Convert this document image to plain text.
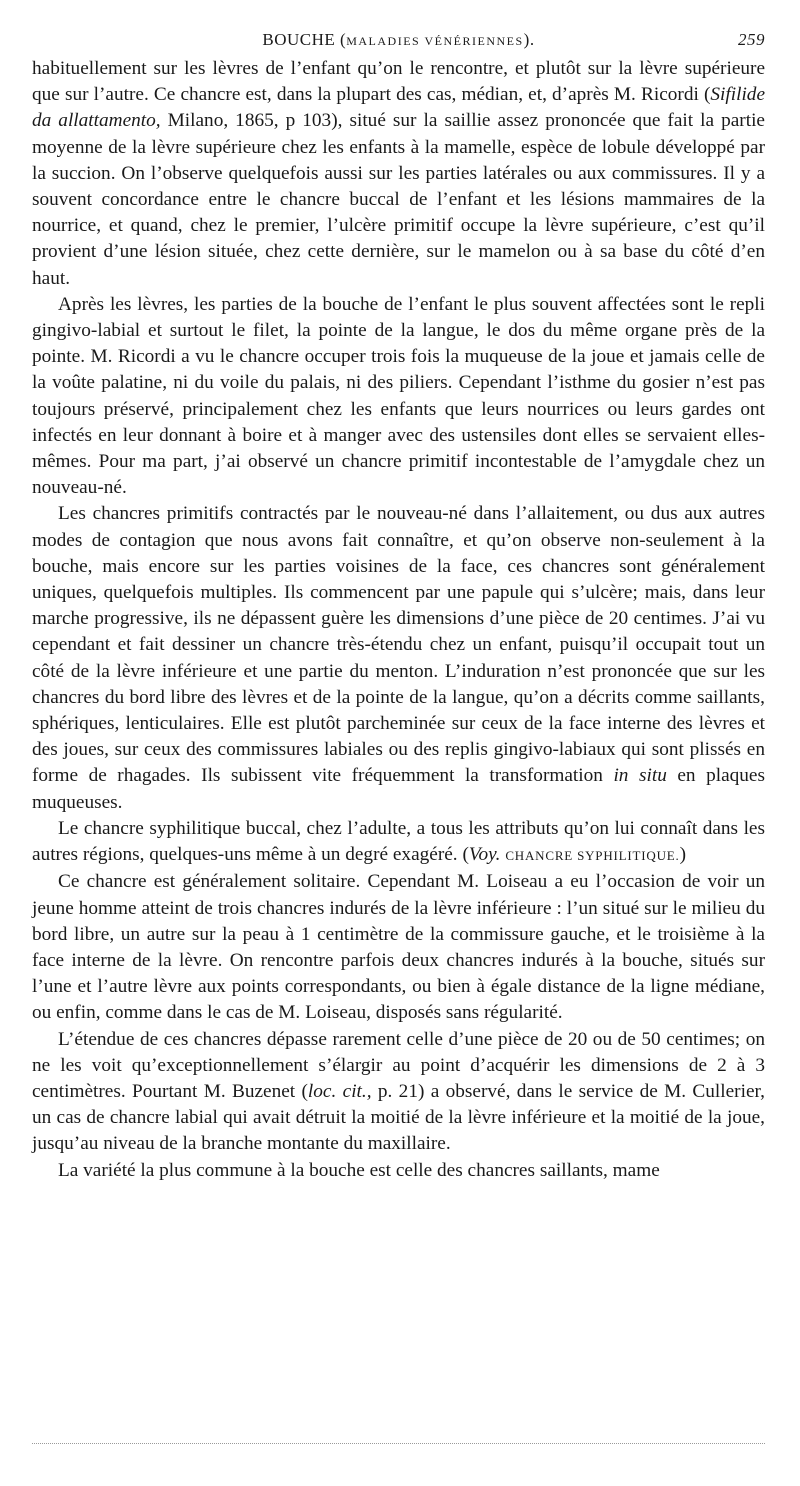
BOUCHE (MALADIES VÉNÉRIENNES).	259

habituellement sur les lèvres de l’enfant qu’on le rencontre, et plutôt sur la lèvre supérieure que sur l’autre. Ce chancre est, dans la plupart des cas, médian, et, d’après M. Ricordi (Sifilide da allattamento, Milano, 1865, p 103), situé sur la saillie assez prononcée que fait la partie moyenne de la lèvre supérieure chez les enfants à la mamelle, espèce de lobule développé par la succion. On l’observe quelquefois aussi sur les parties latérales ou aux commissures. Il y a souvent concordance entre le chancre buccal de l’enfant et les lésions mammaires de la nourrice, et quand, chez le premier, l’ulcère primitif occupe la lèvre supérieure, c’est qu’il provient d’une lésion située, chez cette dernière, sur le mamelon ou à sa base du côté d’en haut.

Après les lèvres, les parties de la bouche de l’enfant le plus souvent affectées sont le repli gingivo-labial et surtout le filet, la pointe de la langue, le dos du même organe près de la pointe. M. Ricordi a vu le chancre occuper trois fois la muqueuse de la joue et jamais celle de la voûte palatine, ni du voile du palais, ni des piliers. Cependant l’isthme du gosier n’est pas toujours préservé, principalement chez les enfants que leurs nourrices ou leurs gardes ont infectés en leur donnant à boire et à manger avec des ustensiles dont elles se servaient elles-mêmes. Pour ma part, j’ai observé un chancre primitif incontestable de l’amygdale chez un nouveau-né.

Les chancres primitifs contractés par le nouveau-né dans l’allaitement, ou dus aux autres modes de contagion que nous avons fait connaître, et qu’on observe non-seulement à la bouche, mais encore sur les parties voisines de la face, ces chancres sont généralement uniques, quelquefois multiples. Ils commencent par une papule qui s’ulcère; mais, dans leur marche progressive, ils ne dépassent guère les dimensions d’une pièce de 20 centimes. J’ai vu cependant et fait dessiner un chancre très-étendu chez un enfant, puisqu’il occupait tout un côté de la lèvre inférieure et une partie du menton. L’induration n’est prononcée que sur les chancres du bord libre des lèvres et de la pointe de la langue, qu’on a décrits comme saillants, sphériques, lenticulaires. Elle est plutôt parcheminée sur ceux de la face interne des lèvres et des joues, sur ceux des commissures labiales ou des replis gingivo-labiaux qui sont plissés en forme de rhagades. Ils subissent vite fréquemment la transformation in situ en plaques muqueuses.

Le chancre syphilitique buccal, chez l’adulte, a tous les attributs qu’on lui connaît dans les autres régions, quelques-uns même à un degré exagéré. (Voy. CHANCRE SYPHILITIQUE.)

Ce chancre est généralement solitaire. Cependant M. Loiseau a eu l’occasion de voir un jeune homme atteint de trois chancres indurés de la lèvre inférieure : l’un situé sur le milieu du bord libre, un autre sur la peau à 1 centimètre de la commissure gauche, et le troisième à la face interne de la lèvre. On rencontre parfois deux chancres indurés à la bouche, situés sur l’une et l’autre lèvre aux points correspondants, ou bien à égale distance de la ligne médiane, ou enfin, comme dans le cas de M. Loiseau, disposés sans régularité.

L’étendue de ces chancres dépasse rarement celle d’une pièce de 20 ou de 50 centimes; on ne les voit qu’exceptionnellement s’élargir au point d’acquérir les dimensions de 2 à 3 centimètres. Pourtant M. Buzenet (loc. cit., p. 21) a observé, dans le service de M. Cullerier, un cas de chancre labial qui avait détruit la moitié de la lèvre inférieure et la moitié de la joue, jusqu’au niveau de la branche montante du maxillaire.

La variété la plus commune à la bouche est celle des chancres saillants, mame
